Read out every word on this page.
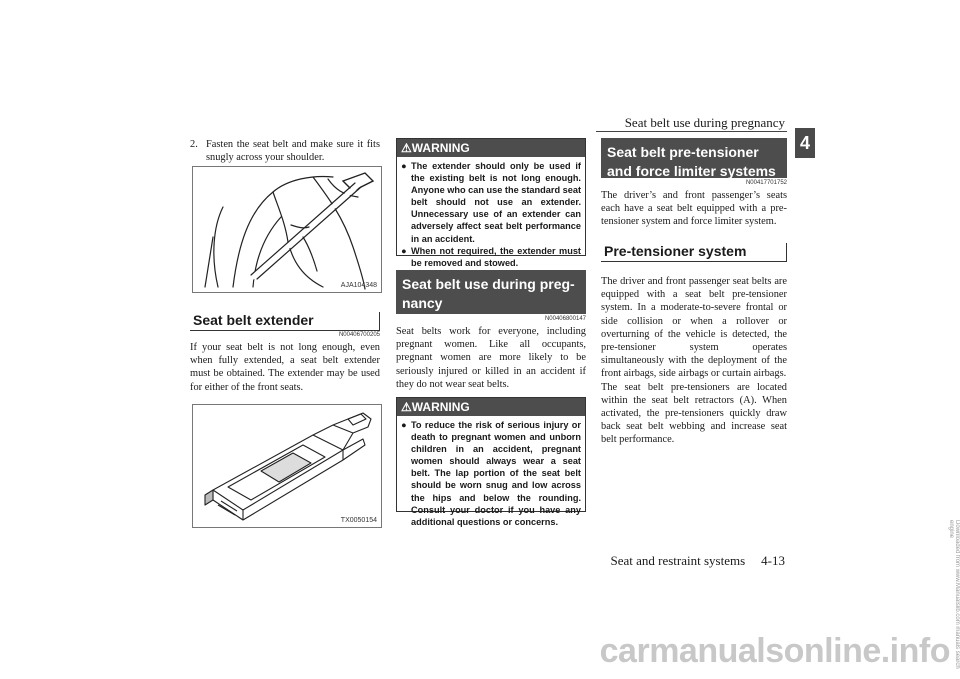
Seat belt use during pregnancy
4

2. Fasten the seat belt and make sure it fits snugly across your shoulder.

AJA104348
Seat belt extender
N00406700205

If your seat belt is not long enough, even when fully extended, a seat belt extender must be obtained. The extender may be used for either of the front seats.

TX0050154
⚠WARNING

● The extender should only be used if the existing belt is not long enough. Anyone who can use the standard seat belt should not use an extender. Unnecessary use of an extender can adversely affect seat belt performance in an accident.

● When not required, the extender must be removed and stowed.

Seat belt use during preg-nancy
N00406800147

Seat belts work for everyone, including pregnant women. Like all occupants, pregnant women are more likely to be seriously injured or killed in an accident if they do not wear seat belts.

⚠WARNING

● To reduce the risk of serious injury or death to pregnant women and unborn children in an accident, pregnant women should always wear a seat belt. The lap portion of the seat belt should be worn snug and low across the hips and below the rounding. Consult your doctor if you have any additional questions or concerns.

Seat belt pre-tensioner and force limiter systems
N00417701752

The driver’s and front passenger’s seats each have a seat belt equipped with a pre-tensioner system and force limiter system.

Pre-tensioner system

The driver and front passenger seat belts are equipped with a seat belt pre-tensioner system. In a moderate-to-severe frontal or side collision or when a rollover or overturning of the vehicle is detected, the pre-tensioner system operates simultaneously with the deployment of the front airbags, side airbags or curtain airbags.

The seat belt pre-tensioners are located within the seat belt retractors (A). When activated, the pre-tensioners quickly draw back seat belt webbing and increase seat belt performance.

Seat and restraint systems 4-13	Downloaded from www.Manualslib.com manuals search engine
carmanualsonline.info
